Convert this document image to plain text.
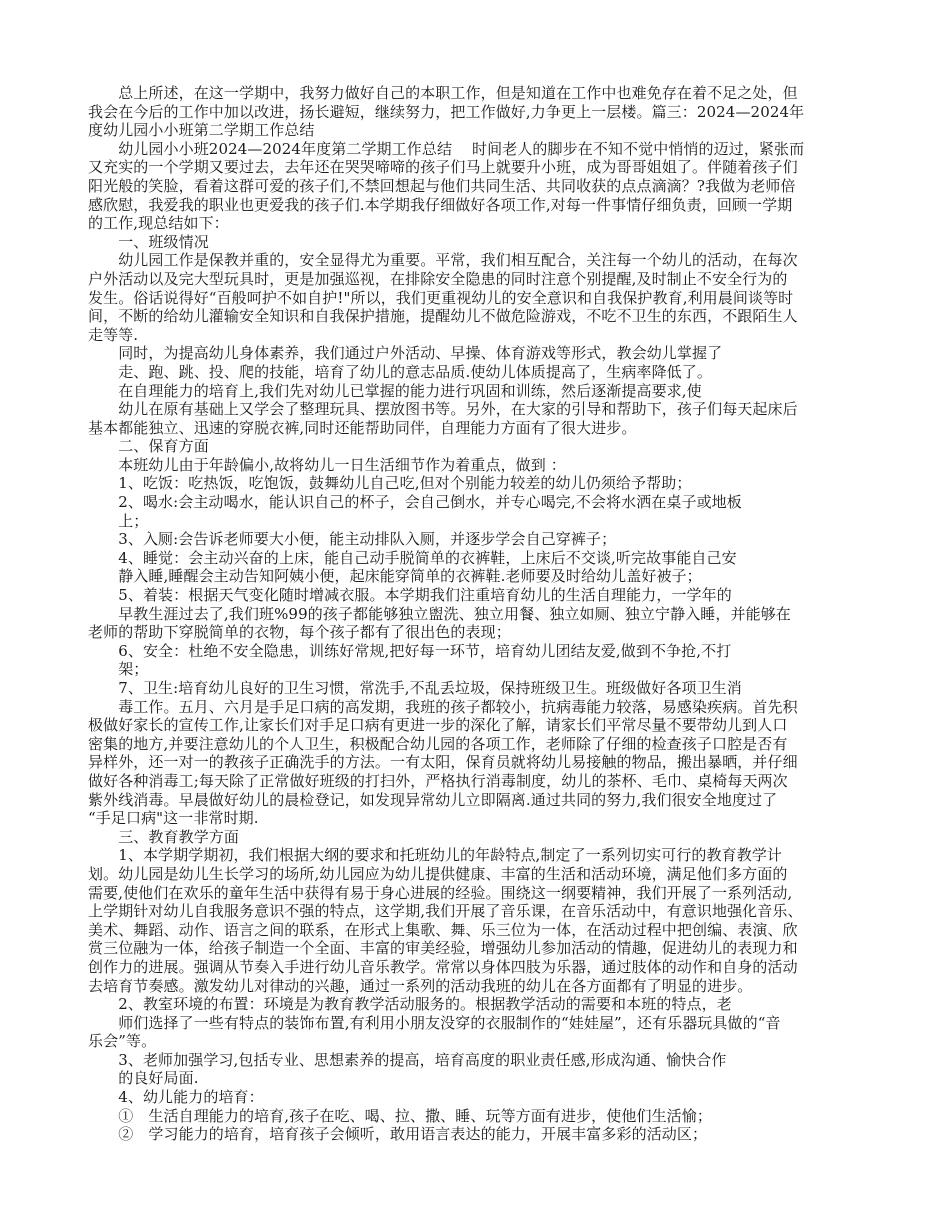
　　总上所述，在这一学期中，我努力做好自己的本职工作，但是知道在工作中也难免存在着不足之处，但
我会在今后的工作中加以改进，扬长避短，继续努力，把工作做好,力争更上一层楼。篇三：2024—2024年
度幼儿园小小班第二学期工作总结
　　幼儿园小小班2024—2024年度第二学期工作总结　 时间老人的脚步在不知不觉中悄悄的迈过，紧张而
又充实的一个学期又要过去，去年还在哭哭啼啼的孩子们马上就要升小班，成为哥哥姐姐了。伴随着孩子们
阳光般的笑脸，看着这群可爱的孩子们,不禁回想起与他们共同生活、共同收获的点点滴滴？?我做为老师倍
感欣慰，我爱我的职业也更爱我的孩子们.本学期我仔细做好各项工作,对每一件事情仔细负责，回顾一学期
的工作,现总结如下：
　　一、班级情况
　　幼儿园工作是保教并重的，安全显得尤为重要。平常，我们相互配合，关注每一个幼儿的活动，在每次
户外活动以及完大型玩具时，更是加强巡视，在排除安全隐患的同时注意个别提醒,及时制止不安全行为的
发生。俗话说得好“百般呵护不如自护!"所以，我们更重视幼儿的安全意识和自我保护教育,利用晨间谈等时
间，不断的给幼儿灌输安全知识和自我保护措施，提醒幼儿不做危险游戏，不吃不卫生的东西，不跟陌生人
走等等.
　　同时，为提高幼儿身体素养，我们通过户外活动、早操、体育游戏等形式，教会幼儿掌握了
　　走、跑、跳、投、爬的技能，培育了幼儿的意志品质.使幼儿体质提高了，生病率降低了。
　　在自理能力的培育上,我们先对幼儿已掌握的能力进行巩固和训练，然后逐渐提高要求,使
　　幼儿在原有基础上又学会了整理玩具、摆放图书等。另外，在大家的引导和帮助下，孩子们每天起床后
基本都能独立、迅速的穿脱衣裤,同时还能帮助同伴，自理能力方面有了很大进步。
　　二、保育方面
　　本班幼儿由于年龄偏小,故将幼儿一日生活细节作为着重点，做到 ：
　　1、吃饭：吃热饭，吃饱饭，鼓舞幼儿自己吃,但对个别能力较差的幼儿仍须给予帮助；
　　2、喝水:会主动喝水，能认识自己的杯子，会自己倒水，并专心喝完,不会将水洒在桌子或地板
　　上；
　　3、入厕:会告诉老师要大小便，能主动排队入厕，并逐步学会自己穿裤子；
　　4、睡觉：会主动兴奋的上床，能自己动手脱简单的衣裤鞋，上床后不交谈,听完故事能自己安
　　静入睡,睡醒会主动告知阿姨小便，起床能穿简单的衣裤鞋.老师要及时给幼儿盖好被子；
　　5、着装：根据天气变化随时增减衣服。本学期我们注重培育幼儿的生活自理能力，一学年的
　　早教生涯过去了,我们班%99的孩子都能够独立盥洗、独立用餐、独立如厕、独立宁静入睡，并能够在
老师的帮助下穿脱简单的衣物，每个孩子都有了很出色的表现；
　　6、安全：杜绝不安全隐患，训练好常规,把好每一环节，培育幼儿团结友爱,做到不争抢,不打
　　架；
　　7、卫生:培育幼儿良好的卫生习惯，常洗手,不乱丢垃圾，保持班级卫生。班级做好各项卫生消
　　毒工作。五月、六月是手足口病的高发期，我班的孩子都较小，抗病毒能力较落，易感染疾病。首先积
极做好家长的宣传工作,让家长们对手足口病有更进一步的深化了解，请家长们平常尽量不要带幼儿到人口
密集的地方,并要注意幼儿的个人卫生，积极配合幼儿园的各项工作，老师除了仔细的检查孩子口腔是否有
异样外，还一对一的教孩子正确洗手的方法。一有太阳，保育员就将幼儿易接触的物品，搬出暴晒，并仔细
做好各种消毒工;每天除了正常做好班级的打扫外，严格执行消毒制度，幼儿的茶杯、毛巾、桌椅每天两次
紫外线消毒。早晨做好幼儿的晨检登记，如发现异常幼儿立即隔离.通过共同的努力,我们很安全地度过了
“手足口病"这一非常时期.
　　三、教育教学方面
　　1、本学期学期初，我们根据大纲的要求和托班幼儿的年龄特点,制定了一系列切实可行的教育教学计
划。幼儿园是幼儿生长学习的场所,幼儿园应为幼儿提供健康、丰富的生活和活动环境，满足他们多方面的
需要,使他们在欢乐的童年生活中获得有易于身心进展的经验。围绕这一纲要精神，我们开展了一系列活动,
上学期针对幼儿自我服务意识不强的特点，这学期,我们开展了音乐课，在音乐活动中，有意识地强化音乐、
美术、舞蹈、动作、语言之间的联系，在形式上集歌、舞、乐三位为一体，在活动过程中把创编、表演、欣
赏三位融为一体，给孩子制造一个全面、丰富的审美经验，增强幼儿参加活动的情趣，促进幼儿的表现力和
创作力的进展。强调从节奏入手进行幼儿音乐教学。常常以身体四肢为乐器，通过肢体的动作和自身的活动
去培育节奏感。激发幼儿对律动的兴趣，通过一系列的活动我班的幼儿在各方面都有了明显的进步。
　　2、教室环境的布置：环境是为教育教学活动服务的。根据教学活动的需要和本班的特点，老
　　师们选择了一些有特点的装饰布置,有利用小朋友没穿的衣服制作的“娃娃屋”，还有乐器玩具做的“音
乐会”等。
　　3、老师加强学习,包括专业、思想素养的提高，培育高度的职业责任感,形成沟通、愉快合作
　　的良好局面.
　　4、幼儿能力的培育：
　　①　生活自理能力的培育,孩子在吃、喝、拉、撒、睡、玩等方面有进步，使他们生活愉；
　　②　学习能力的培育，培育孩子会倾听，敢用语言表达的能力，开展丰富多彩的活动区；
